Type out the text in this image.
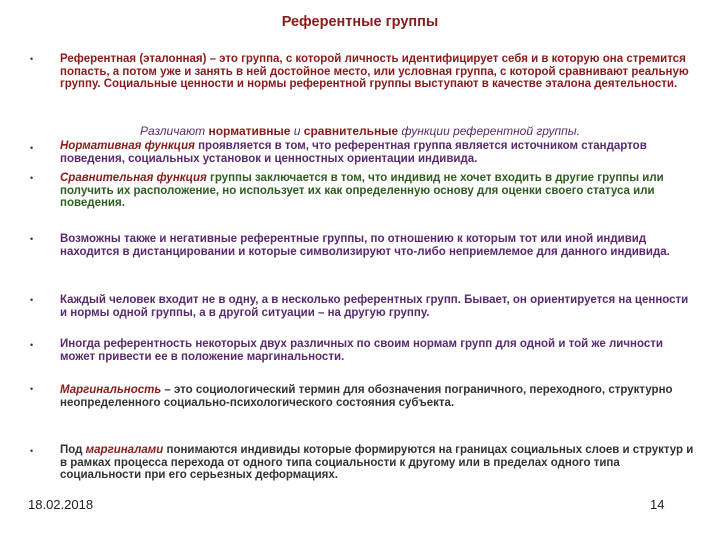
Референтные группы
• Референтная (эталонная) – это группа, с которой личность идентифицирует себя и в которую она стремится попасть, а потом уже и занять в ней достойное место, или условная группа, с которой сравнивают реальную группу. Социальные ценности и нормы референтной группы выступают в качестве эталона деятельности.
Различают нормативные и сравнительные функции референтной группы.
• Нормативная функция проявляется в том, что референтная группа является источником стандартов поведения, социальных установок и ценностных ориентации индивида.
• Сравнительная функция группы заключается в том, что индивид не хочет входить в другие группы или получить их расположение, но использует их как определенную основу для оценки своего статуса или поведения.
• Возможны также и негативные референтные группы, по отношению к которым тот или иной индивид находится в дистанцировании и которые символизируют что-либо неприемлемое для данного индивида.
• Каждый человек входит не в одну, а в несколько референтных групп. Бывает, он ориентируется на ценности и нормы одной группы, а в другой ситуации – на другую группу.
• Иногда референтность некоторых двух различных по своим нормам групп для одной и той же личности может привести ее в положение маргинальности.
• Маргинальность – это социологический термин для обозначения пограничного, переходного, структурно неопределенного социально-психологического состояния субъекта.
• Под маргиналами понимаются индивиды которые формируются на границах социальных слоев и структур и в рамках процесса перехода от одного типа социальности к другому или в пределах одного типа социальности при его серьезных деформациях.
18.02.2018	14
